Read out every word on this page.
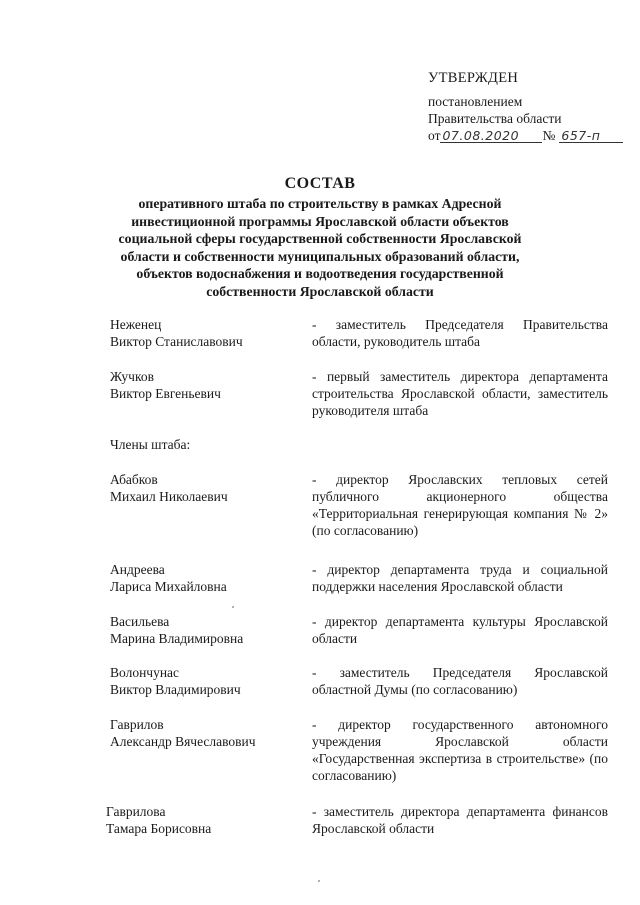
УТВЕРЖДЕН
постановлением
Правительства области
от 07.08.2020 № 657-п
СОСТАВ
оперативного штаба по строительству в рамках Адресной инвестиционной программы Ярославской области объектов социальной сферы государственной собственности Ярославской области и собственности муниципальных образований области, объектов водоснабжения и водоотведения государственной собственности Ярославской области
Неженец
Виктор Станиславович
- заместитель Председателя Правительства области, руководитель штаба
Жучков
Виктор Евгеньевич
- первый заместитель директора департамента строительства Ярославской области, заместитель руководителя штаба
Члены штаба:
Абабков
Михаил Николаевич
- директор Ярославских тепловых сетей публичного акционерного общества «Территориальная генерирующая компания № 2» (по согласованию)
Андреева
Лариса Михайловна
- директор департамента труда и социальной поддержки населения Ярославской области
Васильева
Марина Владимировна
- директор департамента культуры Ярославской области
Волончунас
Виктор Владимирович
- заместитель Председателя Ярославской областной Думы (по согласованию)
Гаврилов
Александр Вячеславович
- директор государственного автономного учреждения Ярославской области «Государственная экспертиза в строительстве» (по согласованию)
Гаврилова
Тамара Борисовна
- заместитель директора департамента финансов Ярославской области
